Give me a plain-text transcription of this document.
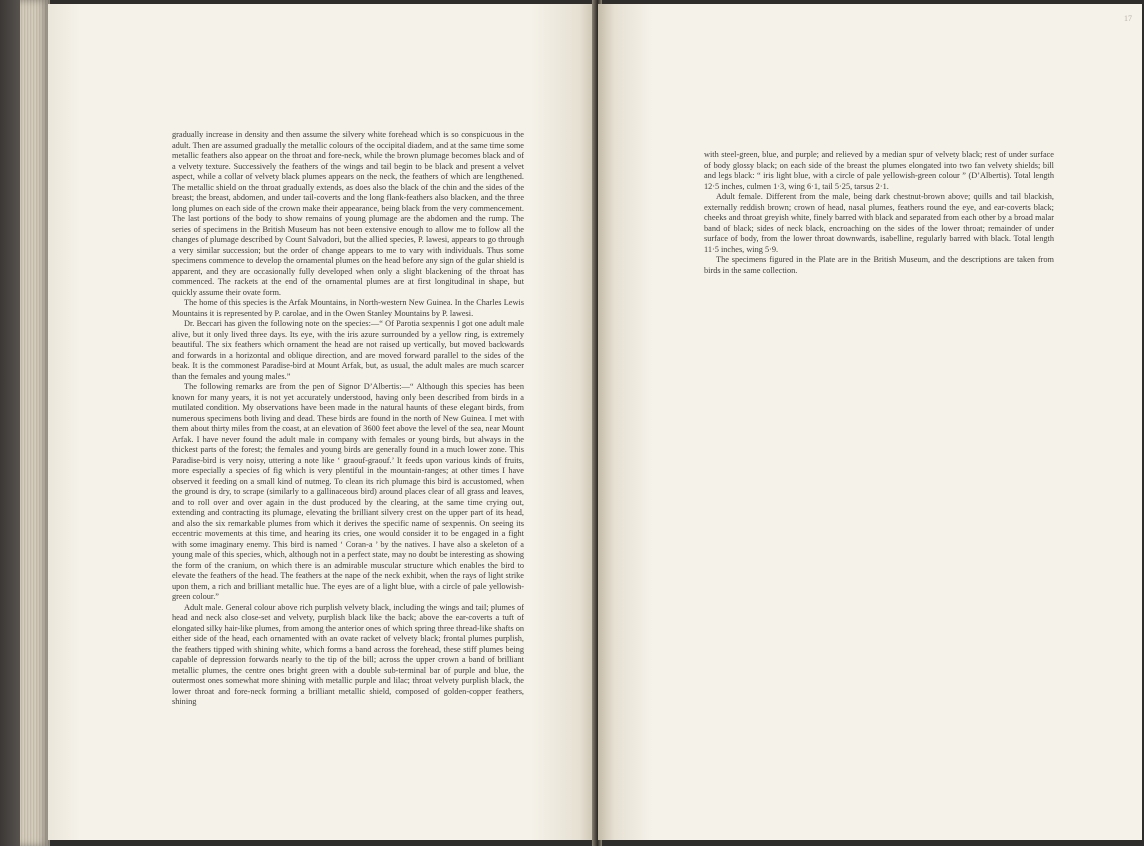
gradually increase in density and then assume the silvery white forehead which is so conspicuous in the adult. Then are assumed gradually the metallic colours of the occipital diadem, and at the same time some metallic feathers also appear on the throat and fore-neck, while the brown plumage becomes black and of a velvety texture. Successively the feathers of the wings and tail begin to be black and present a velvet aspect, while a collar of velvety black plumes appears on the neck, the feathers of which are lengthened. The metallic shield on the throat gradually extends, as does also the black of the chin and the sides of the breast; the breast, abdomen, and under tail-coverts and the long flank-feathers also blacken, and the three long plumes on each side of the crown make their appearance, being black from the very commencement. The last portions of the body to show remains of young plumage are the abdomen and the rump. The series of specimens in the British Museum has not been extensive enough to allow me to follow all the changes of plumage described by Count Salvadori, but the allied species, P. lawesi, appears to go through a very similar succession; but the order of change appears to me to vary with individuals. Thus some specimens commence to develop the ornamental plumes on the head before any sign of the gular shield is apparent, and they are occasionally fully developed when only a slight blackening of the throat has commenced. The rackets at the end of the ornamental plumes are at first longitudinal in shape, but quickly assume their ovate form.

The home of this species is the Arfak Mountains, in North-western New Guinea. In the Charles Lewis Mountains it is represented by P. carolae, and in the Owen Stanley Mountains by P. lawesi.

Dr. Beccari has given the following note on the species:—“ Of Parotia sexpennis I got one adult male alive, but it only lived three days. Its eye, with the iris azure surrounded by a yellow ring, is extremely beautiful. The six feathers which ornament the head are not raised up vertically, but moved backwards and forwards in a horizontal and oblique direction, and are moved forward parallel to the sides of the beak. It is the commonest Paradise-bird at Mount Arfak, but, as usual, the adult males are much scarcer than the females and young males.”

The following remarks are from the pen of Signor D’Albertis:—“ Although this species has been known for many years, it is not yet accurately understood, having only been described from birds in a mutilated condition. My observations have been made in the natural haunts of these elegant birds, from numerous specimens both living and dead. These birds are found in the north of New Guinea. I met with them about thirty miles from the coast, at an elevation of 3600 feet above the level of the sea, near Mount Arfak. I have never found the adult male in company with females or young birds, but always in the thickest parts of the forest; the females and young birds are generally found in a much lower zone. This Paradise-bird is very noisy, uttering a note like ‘ graouf-graouf.’ It feeds upon various kinds of fruits, more especially a species of fig which is very plentiful in the mountain-ranges; at other times I have observed it feeding on a small kind of nutmeg. To clean its rich plumage this bird is accustomed, when the ground is dry, to scrape (similarly to a gallinaceous bird) around places clear of all grass and leaves, and to roll over and over again in the dust produced by the clearing, at the same time crying out, extending and contracting its plumage, elevating the brilliant silvery crest on the upper part of its head, and also the six remarkable plumes from which it derives the specific name of sexpennis. On seeing its eccentric movements at this time, and hearing its cries, one would consider it to be engaged in a fight with some imaginary enemy. This bird is named ‘ Coran-a ’ by the natives. I have also a skeleton of a young male of this species, which, although not in a perfect state, may no doubt be interesting as showing the form of the cranium, on which there is an admirable muscular structure which enables the bird to elevate the feathers of the head. The feathers at the nape of the neck exhibit, when the rays of light strike upon them, a rich and brilliant metallic hue. The eyes are of a light blue, with a circle of pale yellowish-green colour.”

Adult male. General colour above rich purplish velvety black, including the wings and tail; plumes of head and neck also close-set and velvety, purplish black like the back; above the ear-coverts a tuft of elongated silky hair-like plumes, from among the anterior ones of which spring three thread-like shafts on either side of the head, each ornamented with an ovate racket of velvety black; frontal plumes purplish, the feathers tipped with shining white, which forms a band across the forehead, these stiff plumes being capable of depression forwards nearly to the tip of the bill; across the upper crown a band of brilliant metallic plumes, the centre ones bright green with a double sub-terminal bar of purple and blue, the outermost ones somewhat more shining with metallic purple and lilac; throat velvety purplish black, the lower throat and fore-neck forming a brilliant metallic shield, composed of golden-copper feathers, shining

17

with steel-green, blue, and purple; and relieved by a median spur of velvety black; rest of under surface of body glossy black; on each side of the breast the plumes elongated into two fan velvety shields; bill and legs black: “ iris light blue, with a circle of pale yellowish-green colour ” (D’Albertis). Total length 12·5 inches, culmen 1·3, wing 6·1, tail 5·25, tarsus 2·1.

Adult female. Different from the male, being dark chestnut-brown above; quills and tail blackish, externally reddish brown; crown of head, nasal plumes, feathers round the eye, and ear-coverts black; cheeks and throat greyish white, finely barred with black and separated from each other by a broad malar band of black; sides of neck black, encroaching on the sides of the lower throat; remainder of under surface of body, from the lower throat downwards, isabelline, regularly barred with black. Total length 11·5 inches, wing 5·9.

The specimens figured in the Plate are in the British Museum, and the descriptions are taken from birds in the same collection.
